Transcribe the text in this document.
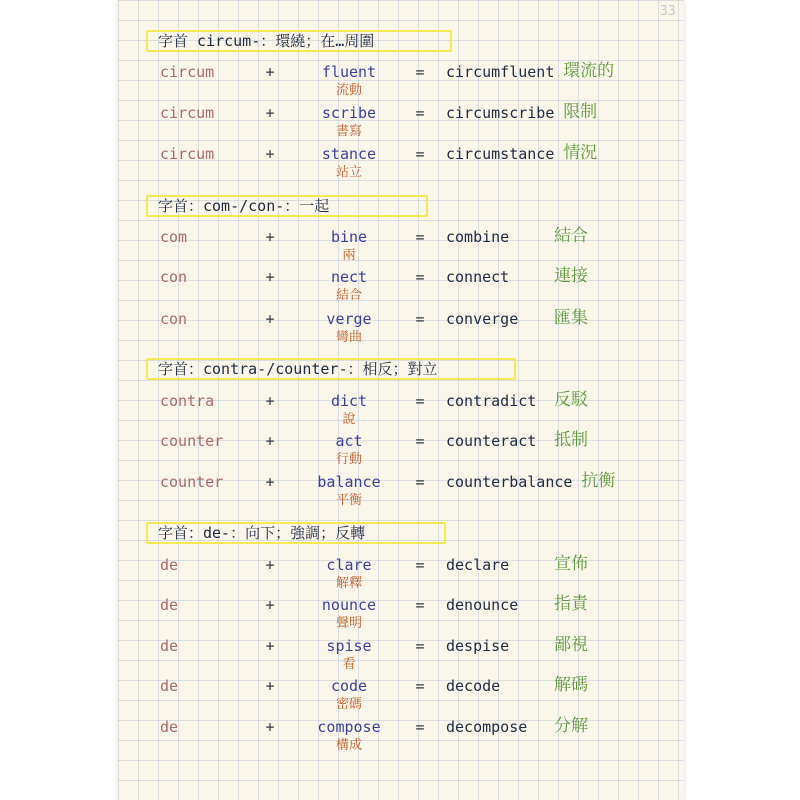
33
字首 circum-：環繞；在…周圍
字首：com-/con-：一起
字首：contra-/counter-：相反；對立
字首：de-：向下；強調；反轉
circum	+	fluent	=	circumfluent 環流的
流動
circum	+	scribe	=	circumscribe 限制
書寫
circum	+	stance	=	circumstance 情況
站立
com	+	bine	=	combine	結合
兩
con	+	nect	=	connect	連接
結合
con	+	verge	=	converge	匯集
彎曲
contra	+	dict	=	contradict	反駁
說
counter	+	act	=	counteract	抵制
行動
counter	+	balance	=	counterbalance 抗衡
平衡
de	+	clare	=	declare	宣佈
解釋
de	+	nounce	=	denounce	指責
聲明
de	+	spise	=	despise	鄙視
看
de	+	code	=	decode	解碼
密碼
de	+	compose	=	decompose	分解
構成
